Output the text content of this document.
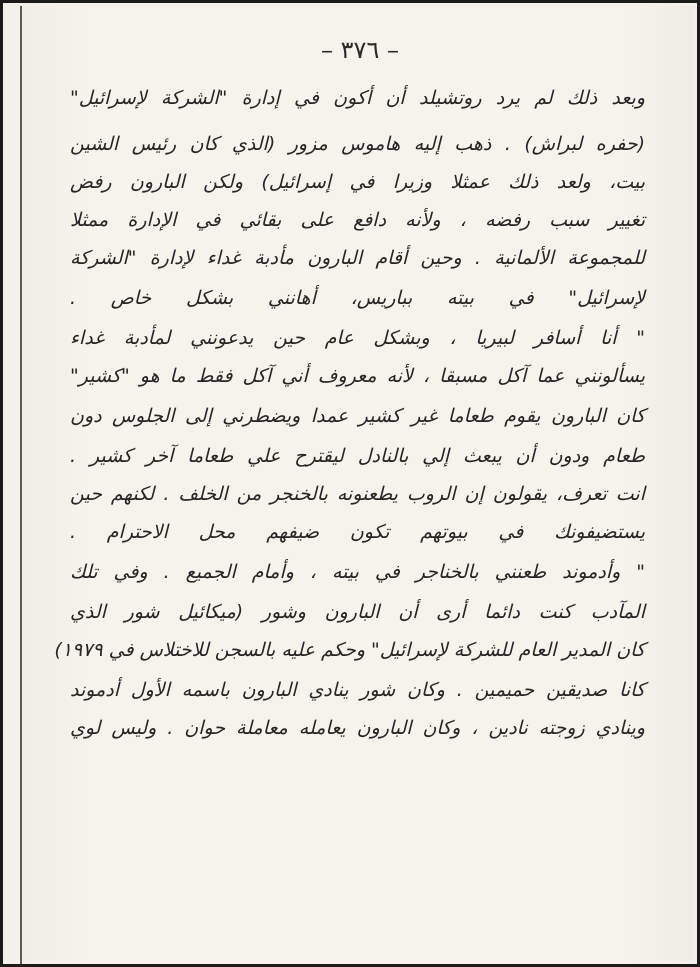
– ٣٧٦ –
وبعد ذلك لم يرد روتشيلد أن أكون في إدارة "الشركة لإسرائيل"
(حفره لبراش) . ذهب إليه هاموس مزور (الذي كان رئيس الشين
بيت، ولعد ذلك عمثلا وزيرا في إسرائيل) ولكن البارون رفض
تغيير سبب رفضه ، ولأنه دافع على بقائي في الإدارة ممثلا
للمجموعة الألمانية . وحين أقام البارون مأدبة غداء لإدارة "الشركة
لإسرائيل" في بيته بباريس، أهانني بشكل خاص .
" أنا أسافر لبيريا ، وبشكل عام حين يدعونني لمأدبة غداء
يسألونني عما آكل مسبقا ، لأنه معروف أني آكل فقط ما هو "كشير"
كان البارون يقوم طعاما غير كشير عمدا ويضطرني إلى الجلوس دون
طعام ودون أن يبعث إلي بالنادل ليقترح علي طعاما آخر كشير .
انت تعرف، يقولون إن الروب يطعنونه بالخنجر من الخلف . لكنهم حين
يستضيفونك في بيوتهم تكون ضيفهم محل الاحترام .
" وأدموند طعنني بالخناجر في بيته ، وأمام الجميع . وفي تلك
المآدب كنت دائما أرى أن البارون وشور (ميكائيل شور الذي
كان المدير العام للشركة لإسرائيل" وحكم عليه بالسجن للاختلاس في ١٩٧٩)
كانا صديقين حميمين . وكان شور ينادي البارون باسمه الأول أدموند
وينادي زوجته نادين ، وكان البارون يعامله معاملة حوان . وليس لوي
